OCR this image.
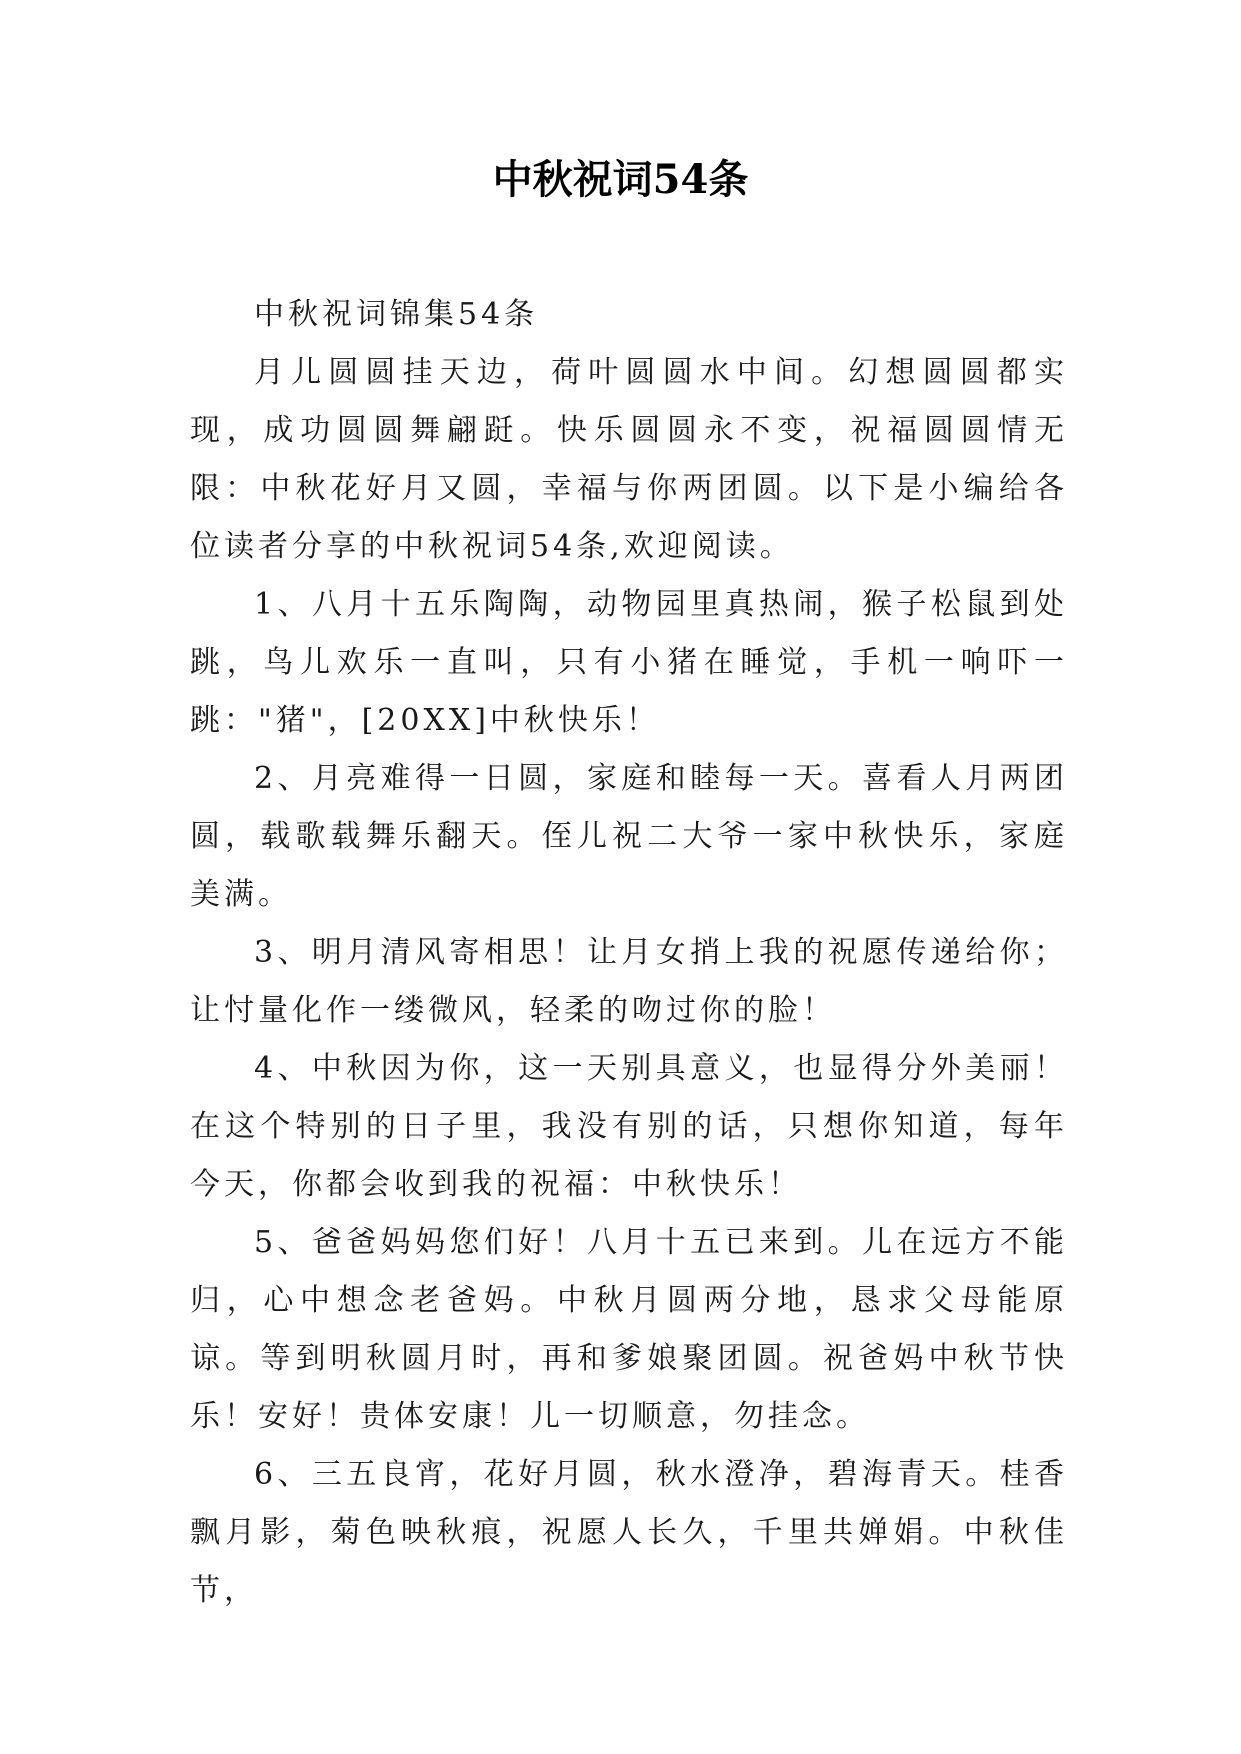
中秋祝词54条

中秋祝词锦集54条

月儿圆圆挂天边，荷叶圆圆水中间。幻想圆圆都实现，成功圆圆舞翩跹。快乐圆圆永不变，祝福圆圆情无限：中秋花好月又圆，幸福与你两团圆。以下是小编给各位读者分享的中秋祝词54条,欢迎阅读。

1、八月十五乐陶陶，动物园里真热闹，猴子松鼠到处跳，鸟儿欢乐一直叫，只有小猪在睡觉，手机一响吓一跳："猪"，[20XX]中秋快乐！

2、月亮难得一日圆，家庭和睦每一天。喜看人月两团圆，载歌载舞乐翻天。侄儿祝二大爷一家中秋快乐，家庭美满。

3、明月清风寄相思！让月女捎上我的祝愿传递给你；让忖量化作一缕微风，轻柔的吻过你的脸！

4、中秋因为你，这一天别具意义，也显得分外美丽！在这个特别的日子里，我没有别的话，只想你知道，每年今天，你都会收到我的祝福：中秋快乐！

5、爸爸妈妈您们好！八月十五已来到。儿在远方不能归，心中想念老爸妈。中秋月圆两分地，恳求父母能原谅。等到明秋圆月时，再和爹娘聚团圆。祝爸妈中秋节快乐！安好！贵体安康！儿一切顺意，勿挂念。

6、三五良宵，花好月圆，秋水澄净，碧海青天。桂香飘月影，菊色映秋痕，祝愿人长久，千里共婵娟。中秋佳节，
